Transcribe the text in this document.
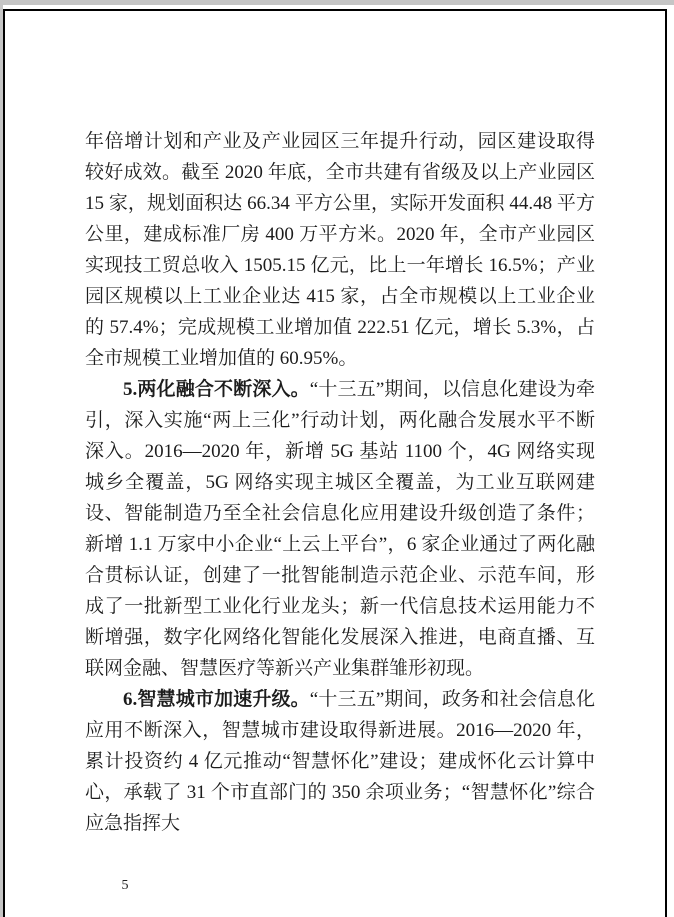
年倍增计划和产业及产业园区三年提升行动，园区建设取得较好成效。截至 2020 年底，全市共建有省级及以上产业园区 15 家，规划面积达 66.34 平方公里，实际开发面积 44.48 平方公里，建成标准厂房 400 万平方米。2020 年，全市产业园区实现技工贸总收入 1505.15 亿元，比上一年增长 16.5%；产业园区规模以上工业企业达 415 家，占全市规模以上工业企业的 57.4%；完成规模工业增加值 222.51 亿元，增长 5.3%，占全市规模工业增加值的 60.95%。

5.两化融合不断深入。“十三五”期间，以信息化建设为牵引，深入实施“两上三化”行动计划，两化融合发展水平不断深入。2016—2020 年，新增 5G 基站 1100 个，4G 网络实现城乡全覆盖，5G 网络实现主城区全覆盖，为工业互联网建设、智能制造乃至全社会信息化应用建设升级创造了条件；新增 1.1 万家中小企业“上云上平台”，6 家企业通过了两化融合贯标认证，创建了一批智能制造示范企业、示范车间，形成了一批新型工业化行业龙头；新一代信息技术运用能力不断增强，数字化网络化智能化发展深入推进，电商直播、互联网金融、智慧医疗等新兴产业集群雏形初现。

6.智慧城市加速升级。“十三五”期间，政务和社会信息化应用不断深入，智慧城市建设取得新进展。2016—2020 年，累计投资约 4 亿元推动“智慧怀化”建设；建成怀化云计算中心，承载了 31 个市直部门的 350 余项业务；“智慧怀化”综合应急指挥大

5
